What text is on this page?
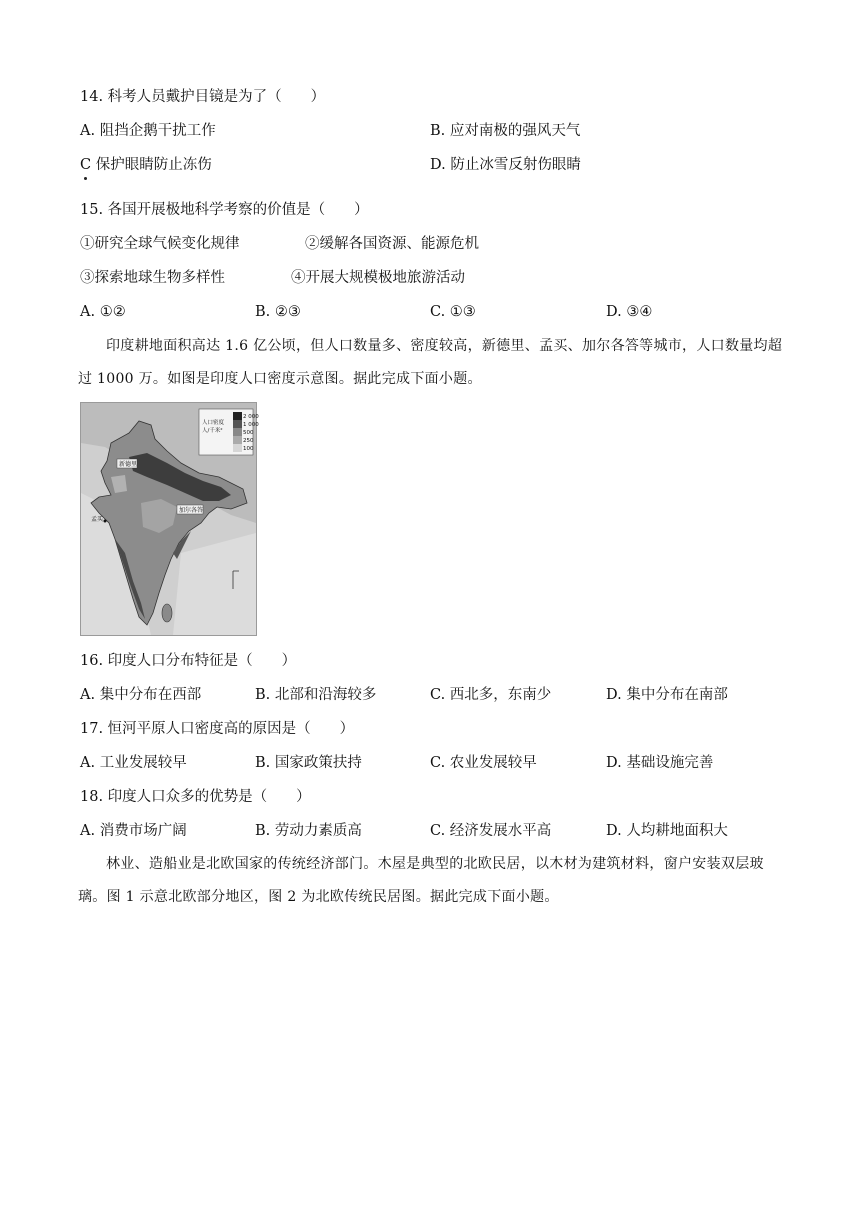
14. 科考人员戴护目镜是为了（　　）
A. 阻挡企鹅干扰工作	B. 应对南极的强风天气
C 保护眼睛防止冻伤	D. 防止冰雪反射伤眼睛
15. 各国开展极地科学考察的价值是（　　）
①研究全球气候变化规律	②缓解各国资源、能源危机
③探索地球生物多样性	④开展大规模极地旅游活动
A. ①②	B. ②③	C. ①③	D. ③④
印度耕地面积高达 1.6 亿公顷，但人口数量多、密度较高，新德里、孟买、加尔各答等城市，人口数量均超过 1000 万。如图是印度人口密度示意图。据此完成下面小题。
人口密度
人/千米²
2 000
1 000
500
250
100
新德里
加尔各答
孟买
16. 印度人口分布特征是（　　）
A. 集中分布在西部	B. 北部和沿海较多	C. 西北多，东南少	D. 集中分布在南部
17. 恒河平原人口密度高的原因是（　　）
A. 工业发展较早	B. 国家政策扶持	C. 农业发展较早	D. 基础设施完善
18. 印度人口众多的优势是（　　）
A. 消费市场广阔	B. 劳动力素质高	C. 经济发展水平高	D. 人均耕地面积大
林业、造船业是北欧国家的传统经济部门。木屋是典型的北欧民居，以木材为建筑材料，窗户安装双层玻璃。图 1 示意北欧部分地区，图 2 为北欧传统民居图。据此完成下面小题。
